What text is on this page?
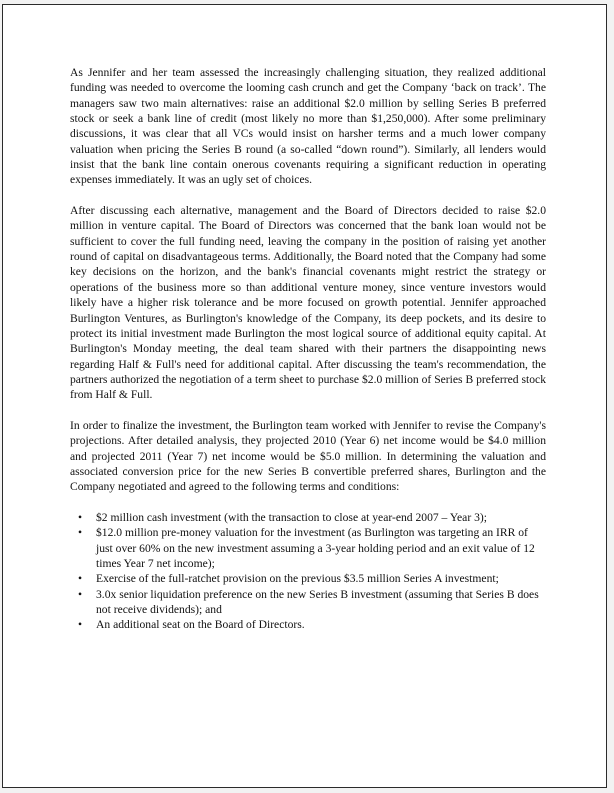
As Jennifer and her team assessed the increasingly challenging situation, they realized additional funding was needed to overcome the looming cash crunch and get the Company ‘back on track’. The managers saw two main alternatives: raise an additional $2.0 million by selling Series B preferred stock or seek a bank line of credit (most likely no more than $1,250,000). After some preliminary discussions, it was clear that all VCs would insist on harsher terms and a much lower company valuation when pricing the Series B round (a so-called “down round”). Similarly, all lenders would insist that the bank line contain onerous covenants requiring a significant reduction in operating expenses immediately. It was an ugly set of choices.

After discussing each alternative, management and the Board of Directors decided to raise $2.0 million in venture capital. The Board of Directors was concerned that the bank loan would not be sufficient to cover the full funding need, leaving the company in the position of raising yet another round of capital on disadvantageous terms. Additionally, the Board noted that the Company had some key decisions on the horizon, and the bank's financial covenants might restrict the strategy or operations of the business more so than additional venture money, since venture investors would likely have a higher risk tolerance and be more focused on growth potential. Jennifer approached Burlington Ventures, as Burlington's knowledge of the Company, its deep pockets, and its desire to protect its initial investment made Burlington the most logical source of additional equity capital. At Burlington's Monday meeting, the deal team shared with their partners the disappointing news regarding Half & Full's need for additional capital. After discussing the team's recommendation, the partners authorized the negotiation of a term sheet to purchase $2.0 million of Series B preferred stock from Half & Full.

In order to finalize the investment, the Burlington team worked with Jennifer to revise the Company's projections. After detailed analysis, they projected 2010 (Year 6) net income would be $4.0 million and projected 2011 (Year 7) net income would be $5.0 million. In determining the valuation and associated conversion price for the new Series B convertible preferred shares, Burlington and the Company negotiated and agreed to the following terms and conditions:

• $2 million cash investment (with the transaction to close at year-end 2007 – Year 3);
• $12.0 million pre-money valuation for the investment (as Burlington was targeting an IRR of just over 60% on the new investment assuming a 3-year holding period and an exit value of 12 times Year 7 net income);
• Exercise of the full-ratchet provision on the previous $3.5 million Series A investment;
• 3.0x senior liquidation preference on the new Series B investment (assuming that Series B does not receive dividends); and
• An additional seat on the Board of Directors.
